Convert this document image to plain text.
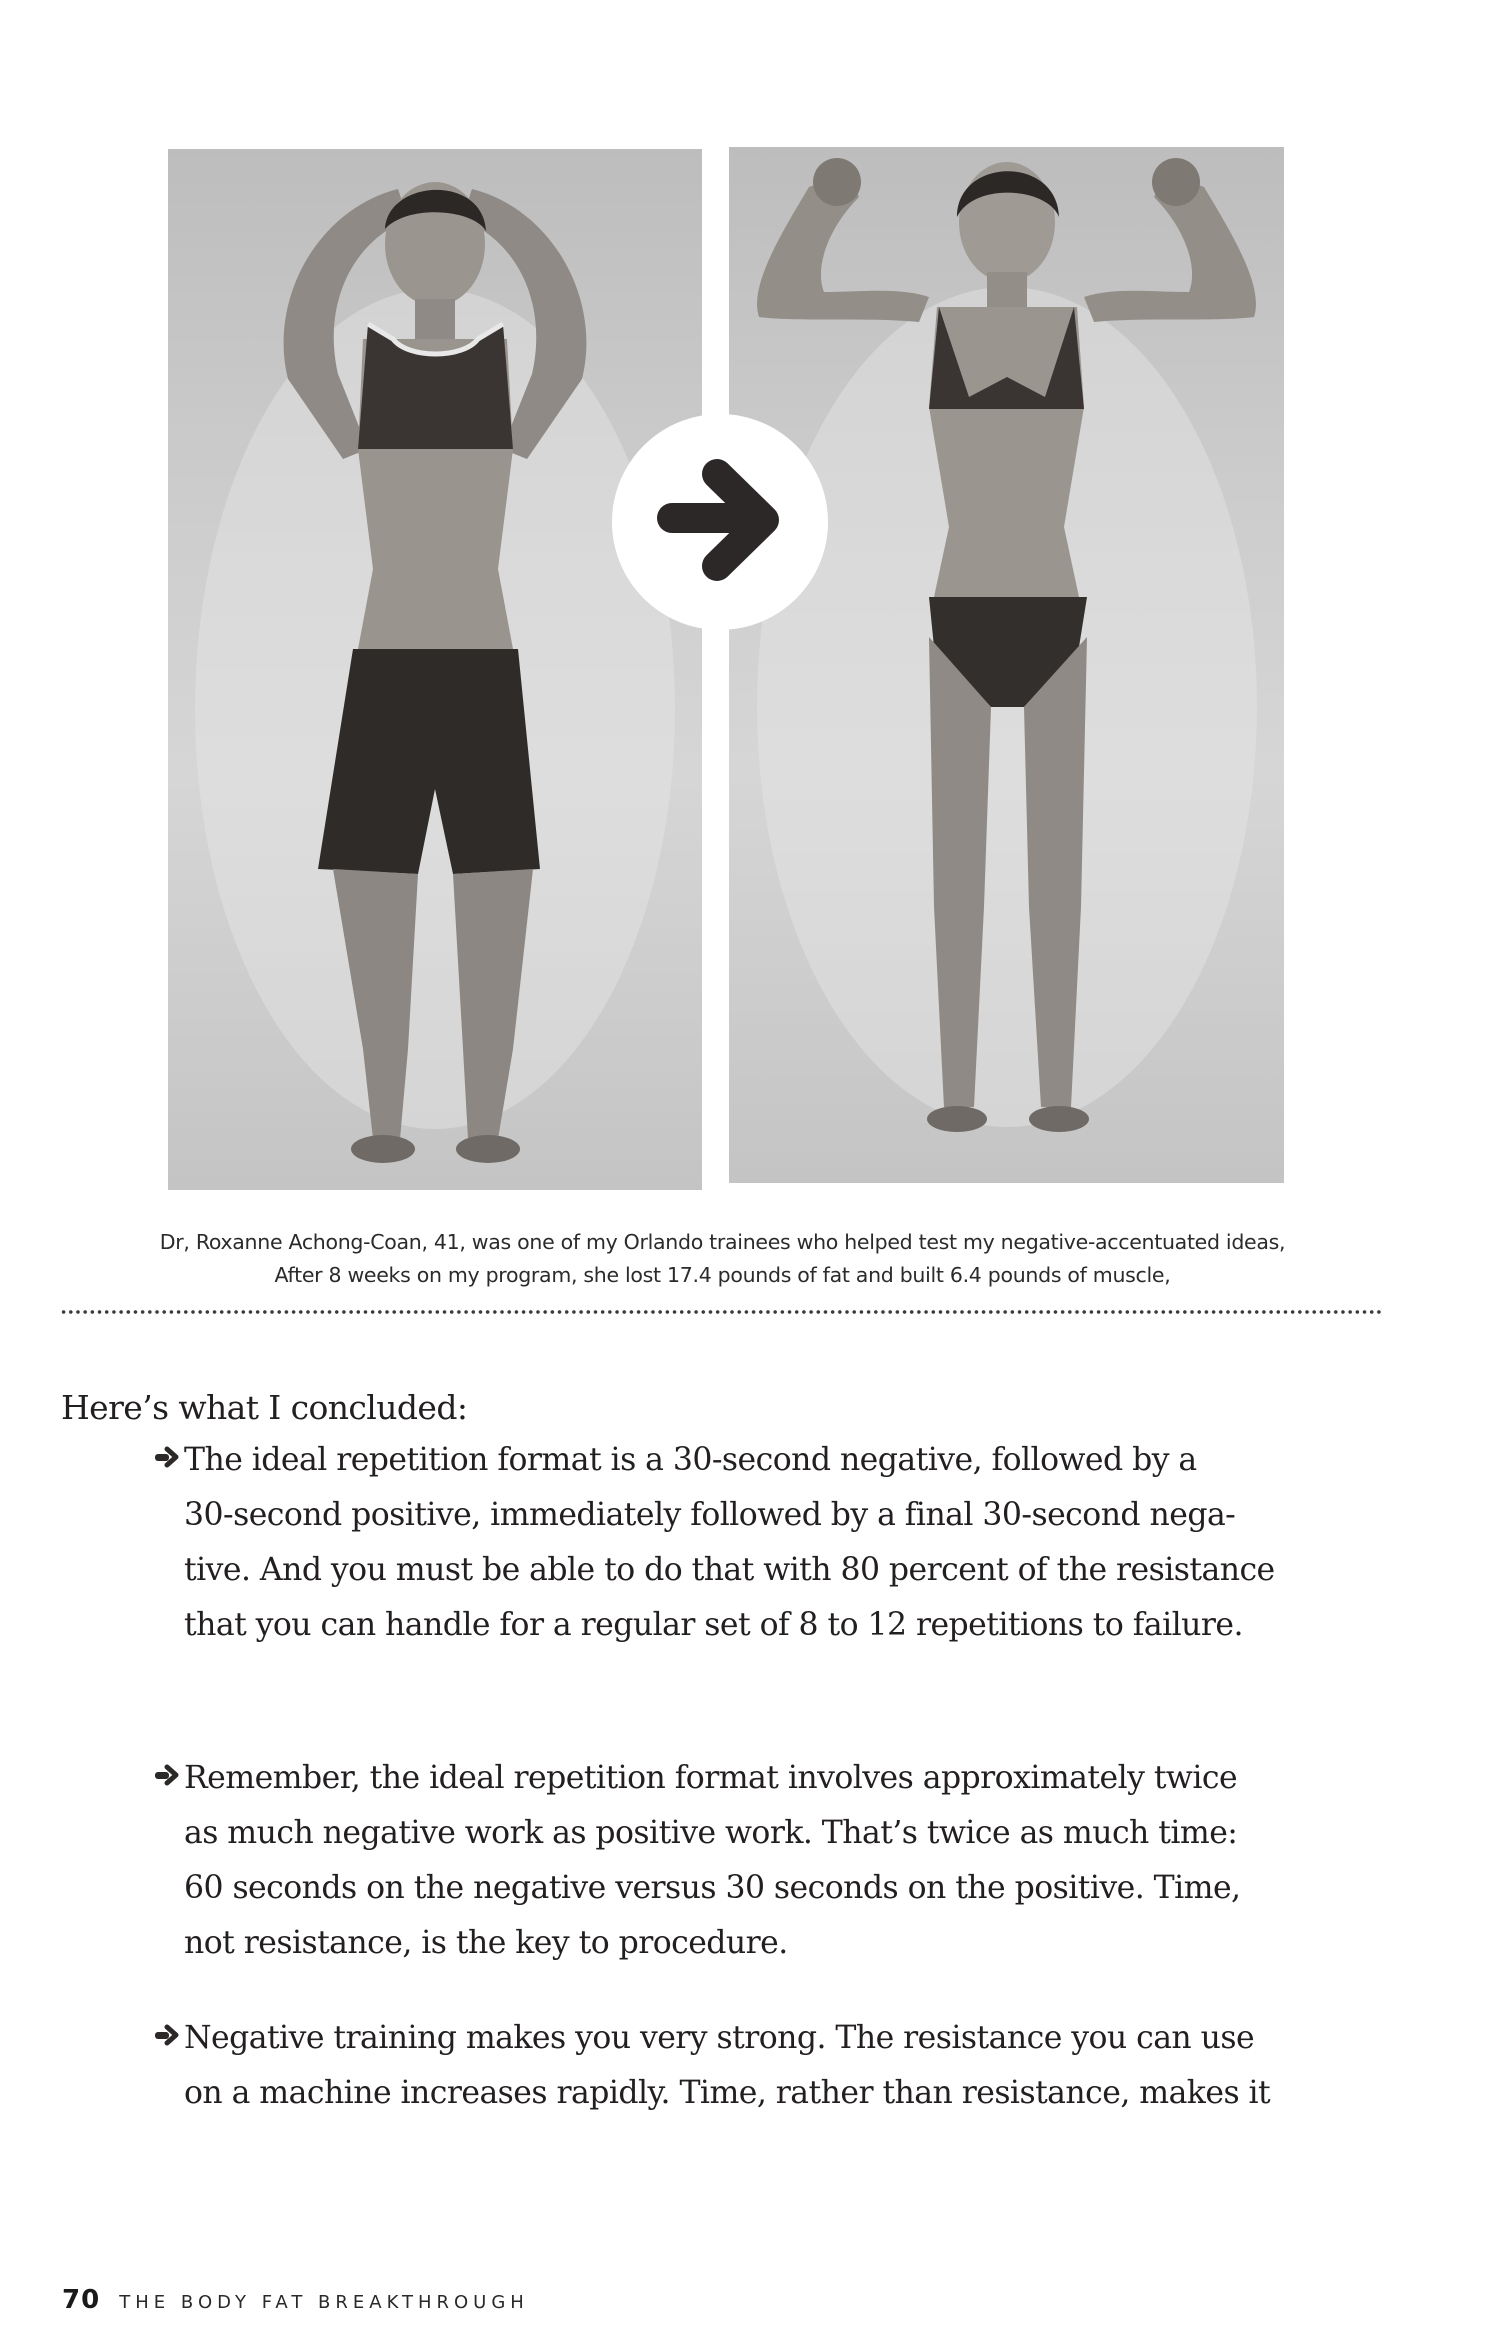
Dr, Roxanne Achong-Coan, 41, was one of my Orlando trainees who helped test my negative-accentuated ideas,
After 8 weeks on my program, she lost 17.4 pounds of fat and built 6.4 pounds of muscle,
Here’s what I concluded:
The ideal repetition format is a 30-second negative, followed by a
30-second positive, immediately followed by a final 30-second nega-
tive. And you must be able to do that with 80 percent of the resistance
that you can handle for a regular set of 8 to 12 repetitions to failure.
Remember, the ideal repetition format involves approximately twice
as much negative work as positive work. That’s twice as much time:
60 seconds on the negative versus 30 seconds on the positive. Time,
not resistance, is the key to procedure.
Negative training makes you very strong. The resistance you can use
on a machine increases rapidly. Time, rather than resistance, makes it
70 THE BODY FAT BREAKTHROUGH
